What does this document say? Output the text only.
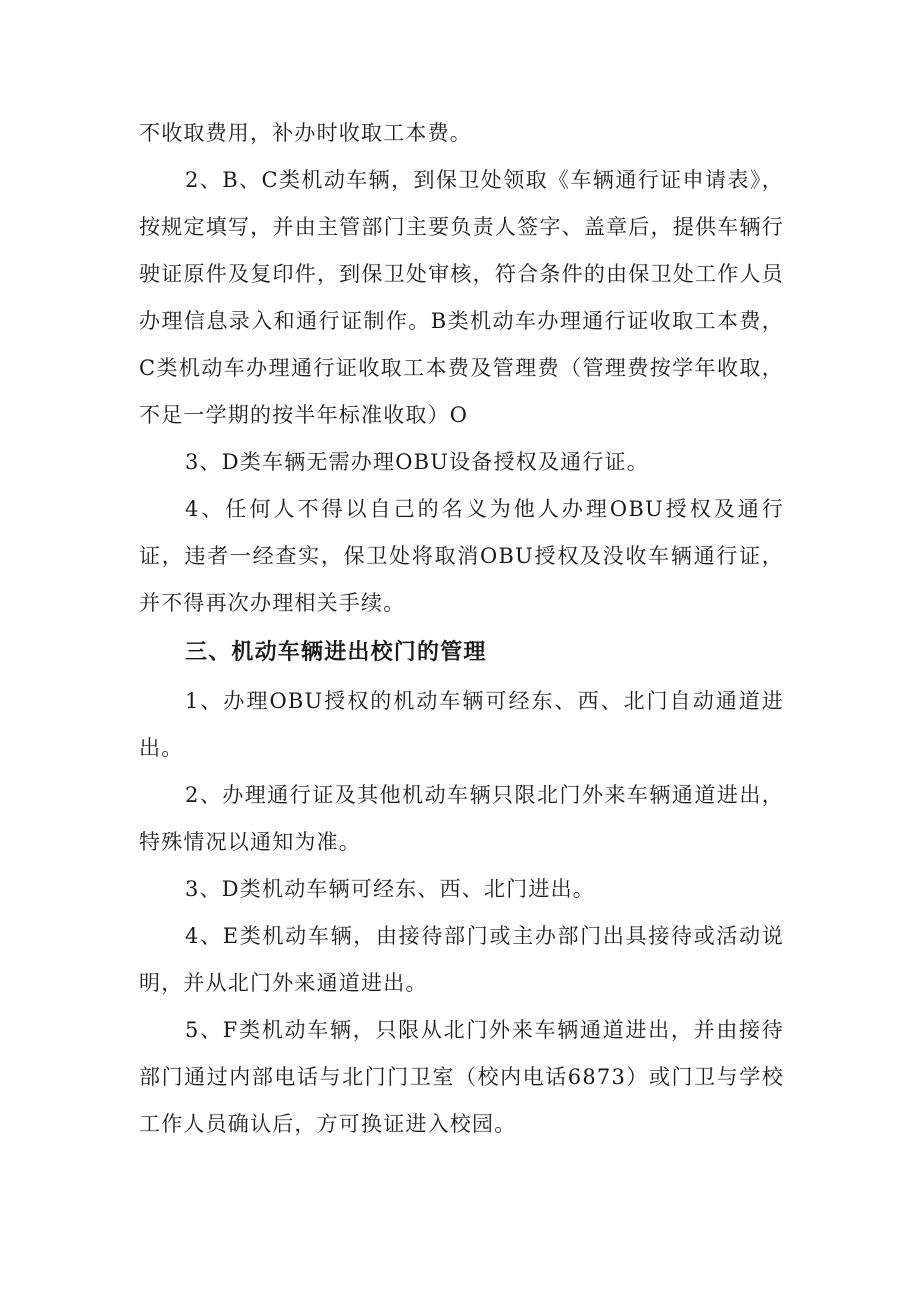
不收取费用，补办时收取工本费。

2、B、C类机动车辆，到保卫处领取《车辆通行证申请表》，按规定填写，并由主管部门主要负责人签字、盖章后，提供车辆行驶证原件及复印件，到保卫处审核，符合条件的由保卫处工作人员办理信息录入和通行证制作。B类机动车办理通行证收取工本费，C类机动车办理通行证收取工本费及管理费（管理费按学年收取，不足一学期的按半年标准收取）O

3、D类车辆无需办理OBU设备授权及通行证。

4、任何人不得以自己的名义为他人办理OBU授权及通行证，违者一经查实，保卫处将取消OBU授权及没收车辆通行证，并不得再次办理相关手续。

三、机动车辆进出校门的管理

1、办理OBU授权的机动车辆可经东、西、北门自动通道进出。

2、办理通行证及其他机动车辆只限北门外来车辆通道进出，特殊情况以通知为准。

3、D类机动车辆可经东、西、北门进出。

4、E类机动车辆，由接待部门或主办部门出具接待或活动说明，并从北门外来通道进出。

5、F类机动车辆，只限从北门外来车辆通道进出，并由接待部门通过内部电话与北门门卫室（校内电话6873）或门卫与学校工作人员确认后，方可换证进入校园。
